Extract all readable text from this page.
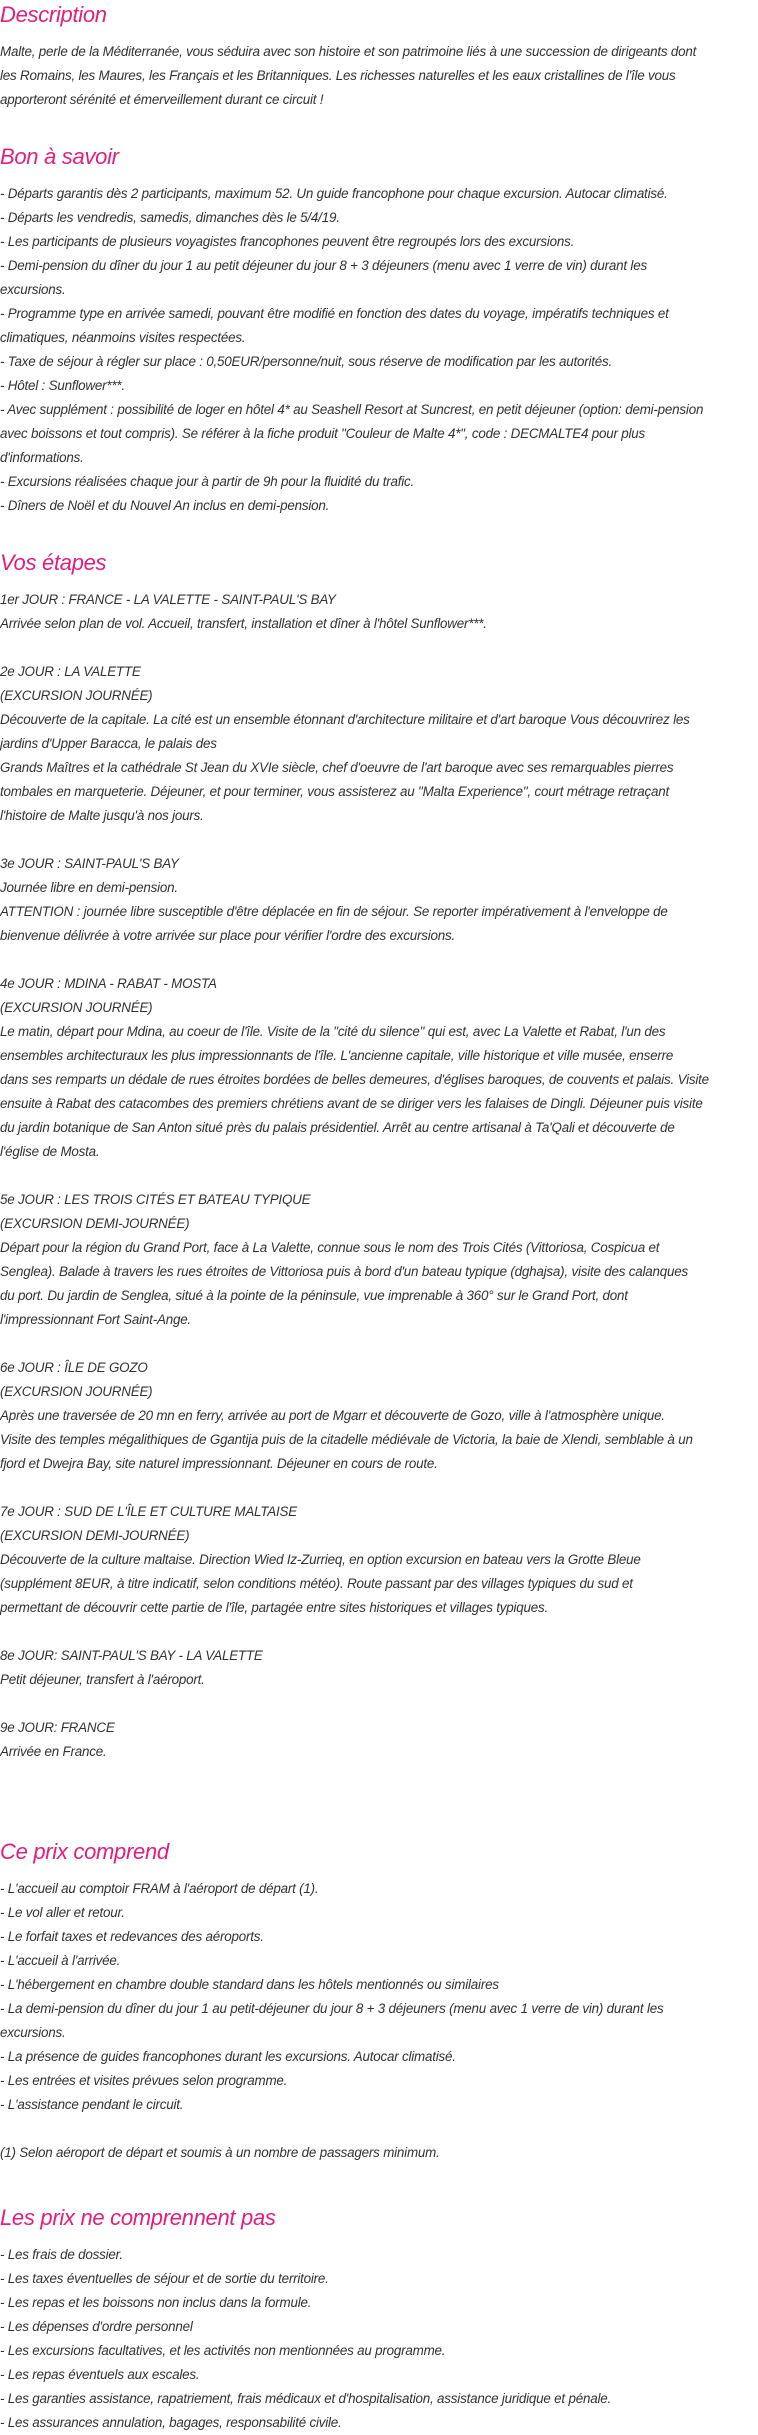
Description
Malte, perle de la Méditerranée, vous séduira avec son histoire et son patrimoine liés à une succession de dirigeants dont
les Romains, les Maures, les Français et les Britanniques. Les richesses naturelles et les eaux cristallines de l'île vous
apporteront sérénité et émerveillement durant ce circuit !
Bon à savoir
- Départs garantis dès 2 participants, maximum 52. Un guide francophone pour chaque excursion. Autocar climatisé.
- Départs les vendredis, samedis, dimanches dès le 5/4/19.
- Les participants de plusieurs voyagistes francophones peuvent être regroupés lors des excursions.
- Demi-pension du dîner du jour 1 au petit déjeuner du jour 8 + 3 déjeuners (menu avec 1 verre de vin) durant les
excursions.
- Programme type en arrivée samedi, pouvant être modifié en fonction des dates du voyage, impératifs techniques et
climatiques, néanmoins visites respectées.
- Taxe de séjour à régler sur place : 0,50EUR/personne/nuit, sous réserve de modification par les autorités.
- Hôtel : Sunflower***.
- Avec supplément : possibilité de loger en hôtel 4* au Seashell Resort at Suncrest, en petit déjeuner (option: demi-pension
avec boissons et tout compris). Se référer à la fiche produit "Couleur de Malte 4*", code : DECMALTE4 pour plus
d'informations.
- Excursions réalisées chaque jour à partir de 9h pour la fluidité du trafic.
- Dîners de Noël et du Nouvel An inclus en demi-pension.
Vos étapes
1er JOUR : FRANCE - LA VALETTE - SAINT-PAUL'S BAY
Arrivée selon plan de vol. Accueil, transfert, installation et dîner à l'hôtel Sunflower***.
2e JOUR : LA VALETTE
(EXCURSION JOURNÉE)
Découverte de la capitale. La cité est un ensemble étonnant d'architecture militaire et d'art baroque Vous découvrirez les
jardins d'Upper Baracca, le palais des
Grands Maîtres et la cathédrale St Jean du XVIe siècle, chef d'oeuvre de l'art baroque avec ses remarquables pierres
tombales en marqueterie. Déjeuner, et pour terminer, vous assisterez au "Malta Experience", court métrage retraçant
l'histoire de Malte jusqu'à nos jours.
3e JOUR : SAINT-PAUL'S BAY
Journée libre en demi-pension.
ATTENTION : journée libre susceptible d'être déplacée en fin de séjour. Se reporter impérativement à l'enveloppe de
bienvenue délivrée à votre arrivée sur place pour vérifier l'ordre des excursions.
4e JOUR : MDINA - RABAT - MOSTA
(EXCURSION JOURNÉE)
Le matin, départ pour Mdina, au coeur de l'île. Visite de la "cité du silence" qui est, avec La Valette et Rabat, l'un des
ensembles architecturaux les plus impressionnants de l'île. L'ancienne capitale, ville historique et ville musée, enserre
dans ses remparts un dédale de rues étroites bordées de belles demeures, d'églises baroques, de couvents et palais. Visite
ensuite à Rabat des catacombes des premiers chrétiens avant de se diriger vers les falaises de Dingli. Déjeuner puis visite
du jardin botanique de San Anton situé près du palais présidentiel. Arrêt au centre artisanal à Ta'Qali et découverte de
l'église de Mosta.
5e JOUR : LES TROIS CITÉS ET BATEAU TYPIQUE
(EXCURSION DEMI-JOURNÉE)
Départ pour la région du Grand Port, face à La Valette, connue sous le nom des Trois Cités (Vittoriosa, Cospicua et
Senglea). Balade à travers les rues étroites de Vittoriosa puis à bord d'un bateau typique (dghajsa), visite des calanques
du port. Du jardin de Senglea, situé à la pointe de la péninsule, vue imprenable à 360° sur le Grand Port, dont
l'impressionnant Fort Saint-Ange.
6e JOUR : ÎLE DE GOZO
(EXCURSION JOURNÉE)
Après une traversée de 20 mn en ferry, arrivée au port de Mgarr et découverte de Gozo, ville à l'atmosphère unique.
Visite des temples mégalithiques de Ggantija puis de la citadelle médiévale de Victoria, la baie de Xlendi, semblable à un
fjord et Dwejra Bay, site naturel impressionnant. Déjeuner en cours de route.
7e JOUR : SUD DE L'ÎLE ET CULTURE MALTAISE
(EXCURSION DEMI-JOURNÉE)
Découverte de la culture maltaise. Direction Wied Iz-Zurrieq, en option excursion en bateau vers la Grotte Bleue
(supplément 8EUR, à titre indicatif, selon conditions météo). Route passant par des villages typiques du sud et
permettant de découvrir cette partie de l'île, partagée entre sites historiques et villages typiques.
8e JOUR: SAINT-PAUL'S BAY - LA VALETTE
Petit déjeuner, transfert à l'aéroport.
9e JOUR: FRANCE
Arrivée en France.
Ce prix comprend
- L'accueil au comptoir FRAM à l'aéroport de départ (1).
- Le vol aller et retour.
- Le forfait taxes et redevances des aéroports.
- L'accueil à l'arrivée.
- L'hébergement en chambre double standard dans les hôtels mentionnés ou similaires
- La demi-pension du dîner du jour 1 au petit-déjeuner du jour 8 + 3 déjeuners (menu avec 1 verre de vin) durant les
excursions.
- La présence de guides francophones durant les excursions. Autocar climatisé.
- Les entrées et visites prévues selon programme.
- L'assistance pendant le circuit.
(1) Selon aéroport de départ et soumis à un nombre de passagers minimum.
Les prix ne comprennent pas
- Les frais de dossier.
- Les taxes éventuelles de séjour et de sortie du territoire.
- Les repas et les boissons non inclus dans la formule.
- Les dépenses d'ordre personnel
- Les excursions facultatives, et les activités non mentionnées au programme.
- Les repas éventuels aux escales.
- Les garanties assistance, rapatriement, frais médicaux et d'hospitalisation, assistance juridique et pénale.
- Les assurances annulation, bagages, responsabilité civile.
